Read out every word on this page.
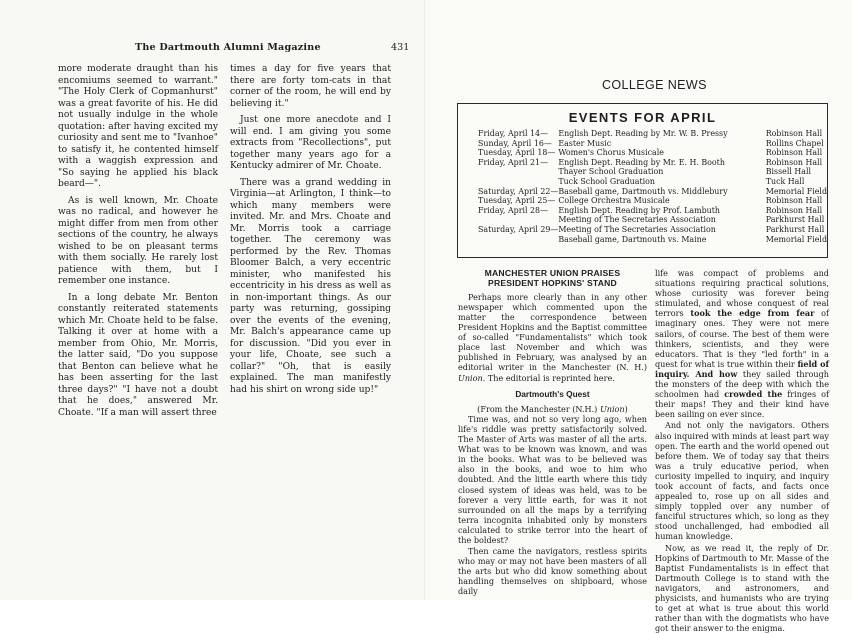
The Dartmouth Alumni Magazine	431

more moderate draught than his encomiums seemed to warrant." "The Holy Clerk of Copmanhurst" was a great favorite of his. He did not usually indulge in the whole quotation: after having excited my curiosity and sent me to "Ivanhoe" to satisfy it, he contented himself with a waggish expression and "So saying he applied his black beard—".

As is well known, Mr. Choate was no radical, and however he might differ from men from other sections of the country, he always wished to be on pleasant terms with them socially. He rarely lost patience with them, but I remember one instance.

In a long debate Mr. Benton constantly reiterated statements which Mr. Choate held to be false. Talking it over at home with a member from Ohio, Mr. Morris, the latter said, "Do you suppose that Benton can believe what he has been asserting for the last three days?" "I have not a doubt that he does," answered Mr. Choate. "If a man will assert three

times a day for five years that there are forty tom-cats in that corner of the room, he will end by believing it."

Just one more anecdote and I will end. I am giving you some extracts from "Recollections", put together many years ago for a Kentucky admirer of Mr. Choate.

There was a grand wedding in Virginia—at Arlington, I think—to which many members were invited. Mr. and Mrs. Choate and Mr. Morris took a carriage together. The ceremony was performed by the Rev. Thomas Bloomer Balch, a very eccentric minister, who manifested his eccentricity in his dress as well as in non-important things. As our party was returning, gossiping over the events of the evening, Mr. Balch's appearance came up for discussion. "Did you ever in your life, Choate, see such a collar?" "Oh, that is easily explained. The man manifestly had his shirt on wrong side up!"

COLLEGE NEWS
EVENTS FOR APRIL
Friday, April 14—	English Dept. Reading by Mr. W. B. Pressy	Robinson Hall
Sunday, April 16—	Easter Music	Rollins Chapel
Tuesday, April 18—	Women's Chorus Musicale	Robinson Hall
Friday, April 21—	English Dept. Reading by Mr. E. H. Booth	Robinson Hall
	Thayer School Graduation	Bissell Hall
	Tuck School Graduation	Tuck Hall
Saturday, April 22—	Baseball game, Dartmouth vs. Middlebury	Memorial Field
Tuesday, April 25—	College Orchestra Musicale	Robinson Hall
Friday, April 28—	English Dept. Reading by Prof. Lambuth	Robinson Hall
	Meeting of The Secretaries Association	Parkhurst Hall
Saturday, April 29—	Meeting of The Secretaries Association	Parkhurst Hall
	Baseball game, Dartmouth vs. Maine	Memorial Field
MANCHESTER UNION PRAISES PRESIDENT HOPKINS' STAND

Perhaps more clearly than in any other newspaper which commented upon the matter the correspondence between President Hopkins and the Baptist committee of so-called "Fundamentalists" which took place last November and which was published in February, was analysed by an editorial writer in the Manchester (N. H.) Union. The editorial is reprinted here.

Dartmouth's Quest

(From the Manchester (N.H.) Union)

Time was, and not so very long ago, when life's riddle was pretty satisfactorily solved. The Master of Arts was master of all the arts. What was to be known was known, and was in the books. What was to be believed was also in the books, and woe to him who doubted. And the little earth where this tidy closed system of ideas was held, was to be forever a very little earth, for was it not surrounded on all the maps by a terrifying terra incognita inhabited only by monsters calculated to strike terror into the heart of the boldest?

Then came the navigators, restless spirits who may or may not have been masters of all the arts but who did know something about handling themselves on shipboard, whose daily

life was compact of problems and situations requiring practical solutions, whose curiosity was forever being stimulated, and whose conquest of real terrors took the edge from fear of imaginary ones. They were not mere sailors, of course. The best of them were thinkers, scientists, and they were educators. That is they "led forth" in a quest for what is true within their field of inquiry. And how they sailed through the monsters of the deep with which the schoolmen had crowded the fringes of their maps! They and their kind have been sailing on ever since.

And not only the navigators. Others also inquired with minds at least part way open. The earth and the world opened out before them. We of today say that theirs was a truly educative period, when curiosity impelled to inquiry, and inquiry took account of facts, and facts once appealed to, rose up on all sides and simply toppled over any number of fanciful structures which, so long as they stood unchallenged, had embodied all human knowledge.

Now, as we read it, the reply of Dr. Hopkins of Dartmouth to Mr. Masse of the Baptist Fundamentalists is in effect that Dartmouth College is to stand with the navigators, and astronomers, and physicists, and humanists who are trying to get at what is true about this world rather than with the dogmatists who have got their answer to the enigma.
